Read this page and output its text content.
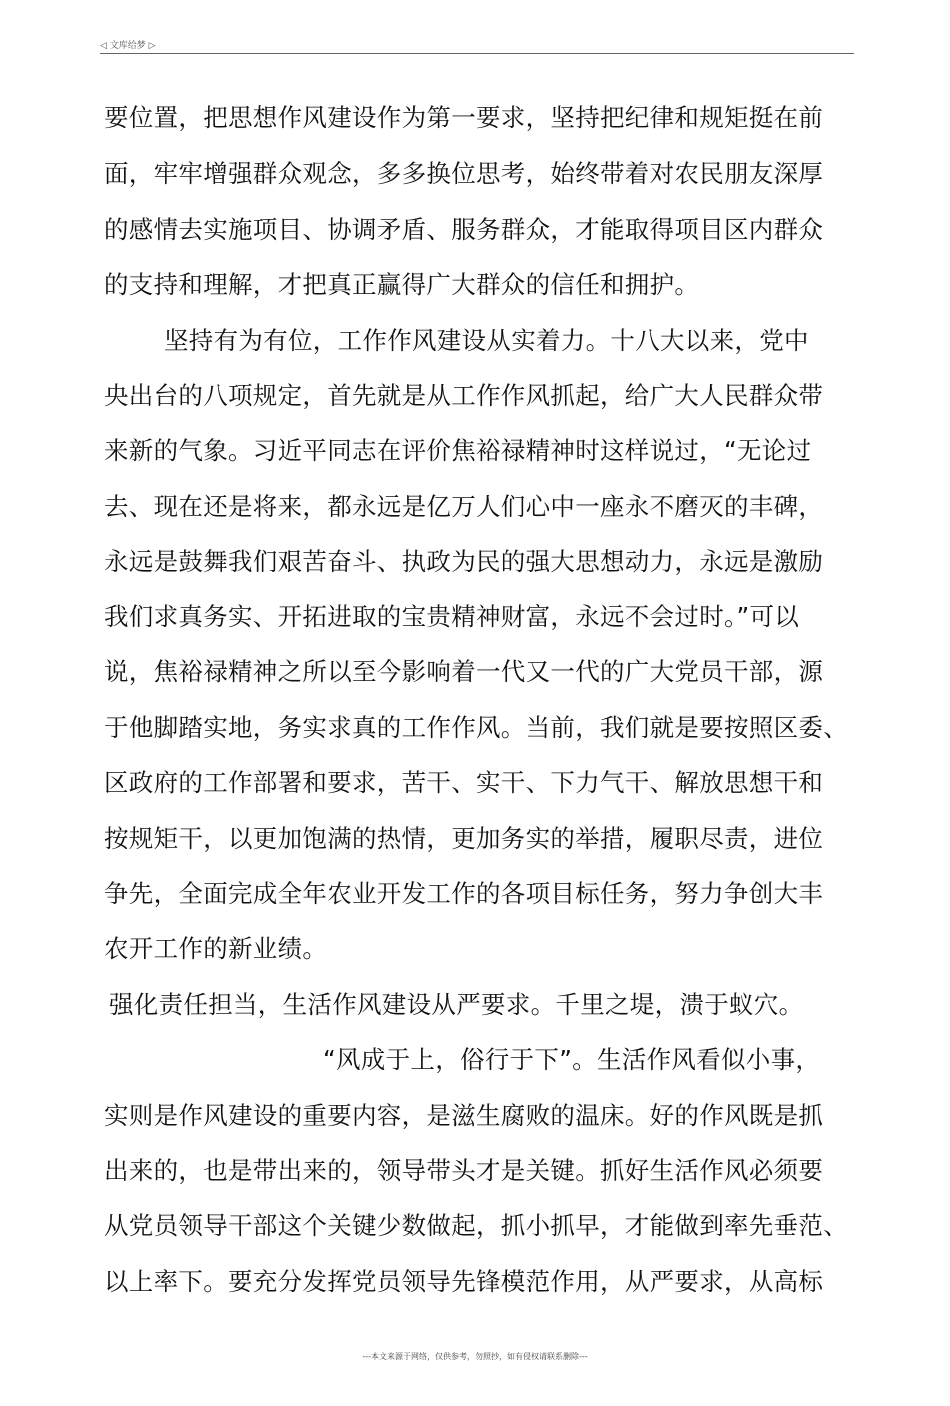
◁ 文库给梦 ▷
要位置，把思想作风建设作为第一要求，坚持把纪律和规矩挺在前
面，牢牢增强群众观念，多多换位思考，始终带着对农民朋友深厚
的感情去实施项目、协调矛盾、服务群众，才能取得项目区内群众
的支持和理解，才把真正赢得广大群众的信任和拥护。
坚持有为有位，工作作风建设从实着力。十八大以来，党中
央出台的八项规定，首先就是从工作作风抓起，给广大人民群众带
来新的气象。习近平同志在评价焦裕禄精神时这样说过，“无论过
去、现在还是将来，都永远是亿万人们心中一座永不磨灭的丰碑，
永远是鼓舞我们艰苦奋斗、执政为民的强大思想动力，永远是激励
我们求真务实、开拓进取的宝贵精神财富，永远不会过时。”可以
说，焦裕禄精神之所以至今影响着一代又一代的广大党员干部，源
于他脚踏实地，务实求真的工作作风。当前，我们就是要按照区委、
区政府的工作部署和要求，苦干、实干、下力气干、解放思想干和
按规矩干，以更加饱满的热情，更加务实的举措，履职尽责，进位
争先，全面完成全年农业开发工作的各项目标任务，努力争创大丰
农开工作的新业绩。
强化责任担当，生活作风建设从严要求。千里之堤，溃于蚁穴。
“风成于上，俗行于下”。生活作风看似小事，
实则是作风建设的重要内容，是滋生腐败的温床。好的作风既是抓
出来的，也是带出来的，领导带头才是关键。抓好生活作风必须要
从党员领导干部这个关键少数做起，抓小抓早，才能做到率先垂范、
以上率下。要充分发挥党员领导先锋模范作用，从严要求，从高标
---本文来源于网络，仅供参考，勿照抄，如有侵权请联系删除---
